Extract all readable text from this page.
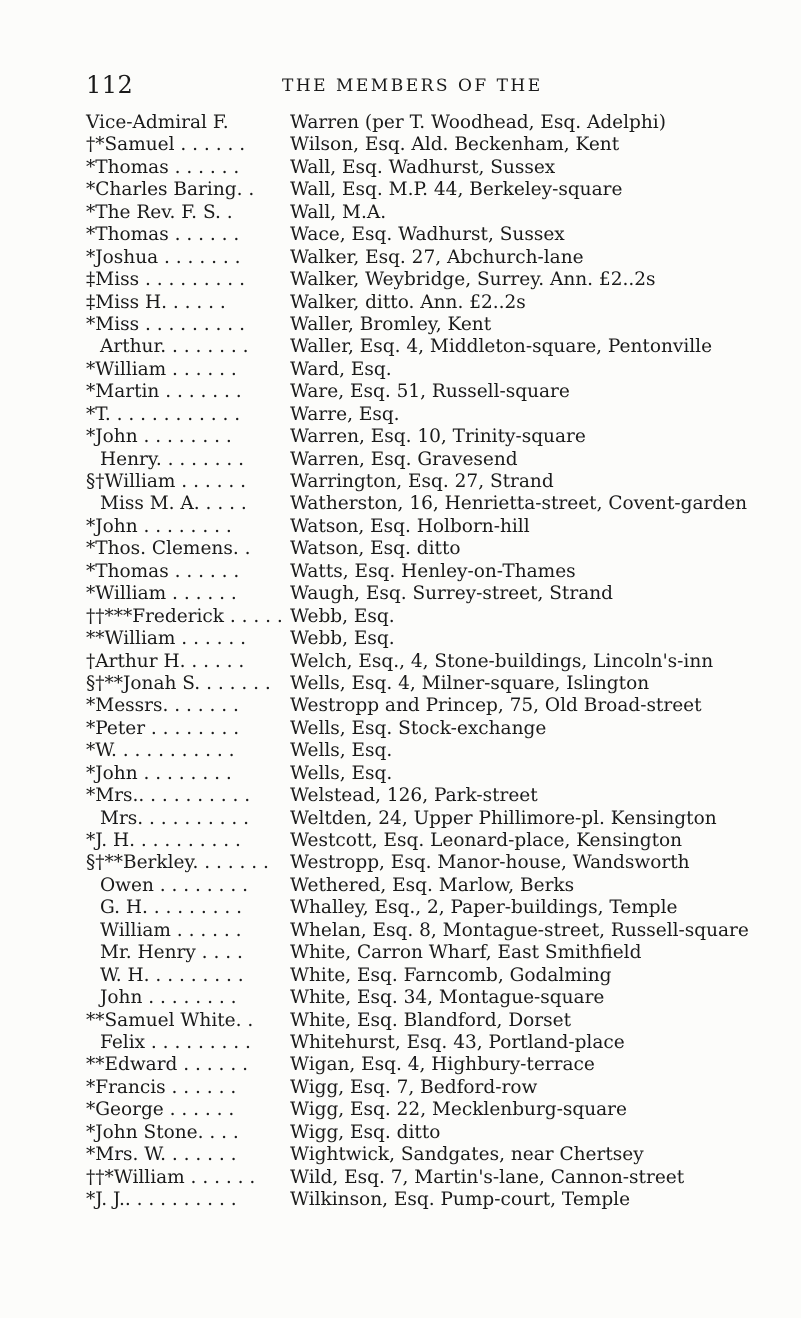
112	THE MEMBERS OF THE
Vice-Admiral F.	Warren (per T. Woodhead, Esq. Adelphi)
†*Samuel . . . . . . Wilson, Esq. Ald. Beckenham, Kent
*Thomas . . . . . .	Wall, Esq. Wadhurst, Sussex
*Charles Baring. . Wall, Esq. M.P. 44, Berkeley-square
*The Rev. F. S. .	Wall, M.A.
*Thomas . . . . . .	Wace, Esq. Wadhurst, Sussex
*Joshua . . . . . . .	Walker, Esq. 27, Abchurch-lane
‡Miss . . . . . . . . . Walker, Weybridge, Surrey. Ann. £2..2s
‡Miss H. . . . . .	Walker, ditto. Ann. £2..2s
*Miss . . . . . . . . . Waller, Bromley, Kent
Arthur. . . . . . . . Waller, Esq. 4, Middleton-square, Pentonville
*William . . . . . .	Ward, Esq.
*Martin . . . . . . .	Ware, Esq. 51, Russell-square
*T. . . . . . . . . . . .	Warre, Esq.
*John . . . . . . . .	Warren, Esq. 10, Trinity-square
Henry. . . . . . . . Warren, Esq. Gravesend
§†William . . . . . . Warrington, Esq. 27, Strand
Miss M. A. . . . . Watherston, 16, Henrietta-street, Covent-garden
*John . . . . . . . .	Watson, Esq. Holborn-hill
*Thos. Clemens. . Watson, Esq. ditto
*Thomas . . . . . .	Watts, Esq. Henley-on-Thames
*William . . . . . .	Waugh, Esq. Surrey-street, Strand
††***Frederick . . . . . Webb, Esq.
**William . . . . . . Webb, Esq.
†Arthur H. . . . . . Welch, Esq., 4, Stone-buildings, Lincoln's-inn
§†**Jonah S. . . . . . . Wells, Esq. 4, Milner-square, Islington
*Messrs. . . . . . .	Westropp and Princep, 75, Old Broad-street
*Peter . . . . . . . .	Wells, Esq. Stock-exchange
*W. . . . . . . . . . .	Wells, Esq.
*John . . . . . . . .	Wells, Esq.
*Mrs.. . . . . . . . . . Welstead, 126, Park-street
Mrs. . . . . . . . . . Weltden, 24, Upper Phillimore-pl. Kensington
*J. H. . . . . . . . . .	Westcott, Esq. Leonard-place, Kensington
§†**Berkley. . . . . . . Westropp, Esq. Manor-house, Wandsworth
Owen . . . . . . . . Wethered, Esq. Marlow, Berks
G. H. . . . . . . . .	Whalley, Esq., 2, Paper-buildings, Temple
William . . . . . .	Whelan, Esq. 8, Montague-street, Russell-square
Mr. Henry . . . .	White, Carron Wharf, East Smithfield
W. H. . . . . . . . .	White, Esq. Farncomb, Godalming
John . . . . . . . .	White, Esq. 34, Montague-square
**Samuel White. . White, Esq. Blandford, Dorset
Felix . . . . . . . . . Whitehurst, Esq. 43, Portland-place
**Edward . . . . . . Wigan, Esq. 4, Highbury-terrace
*Francis . . . . . .	Wigg, Esq. 7, Bedford-row
*George . . . . . .	Wigg, Esq. 22, Mecklenburg-square
*John Stone. . . .	Wigg, Esq. ditto
*Mrs. W. . . . . . .	Wightwick, Sandgates, near Chertsey
††*William . . . . . . Wild, Esq. 7, Martin's-lane, Cannon-street
*J. J.. . . . . . . . . .	Wilkinson, Esq. Pump-court, Temple
